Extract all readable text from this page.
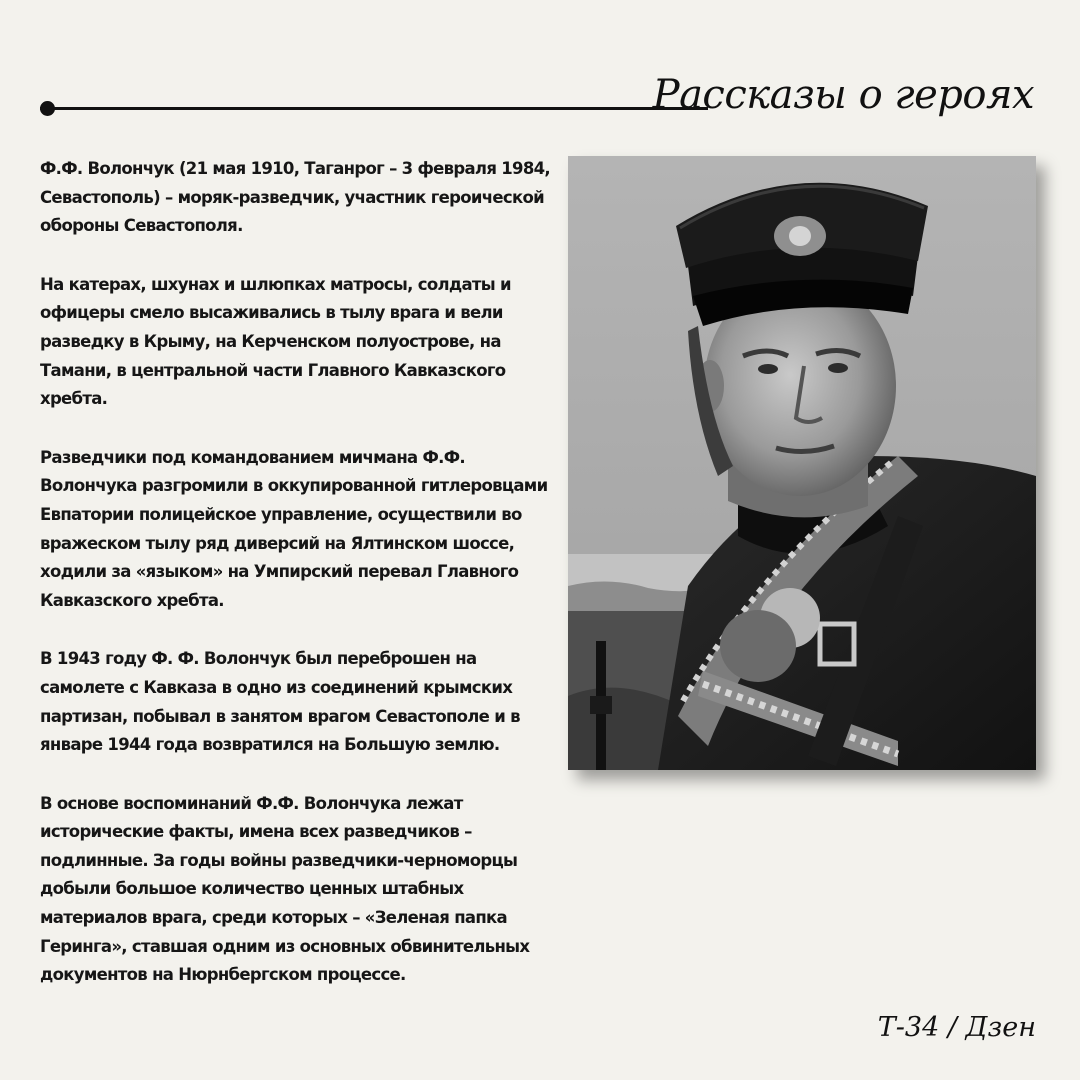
Рассказы о героях

Ф.Ф. Волончук (21 мая 1910, Таганрог – 3 февраля 1984, Севастополь) – моряк-разведчик, участник героической обороны Севастополя.

На катерах, шхунах и шлюпках матросы, солдаты и офицеры смело высаживались в тылу врага и вели разведку в Крыму, на Керченском полуострове, на Тамани, в центральной части Главного Кавказского хребта.

Разведчики под командованием мичмана Ф.Ф. Волончука разгромили в оккупированной гитлеровцами Евпатории полицейское управление, осуществили во вражеском тылу ряд диверсий на Ялтинском шоссе, ходили за «языком» на Умпирский перевал Главного Кавказского хребта.

В 1943 году Ф. Ф. Волончук был переброшен на самолете с Кавказа в одно из соединений крымских партизан, побывал в занятом врагом Севастополе и в январе 1944 года возвратился на Большую землю.

В основе воспоминаний Ф.Ф. Волончука лежат исторические факты, имена всех разведчиков – подлинные. За годы войны разведчики-черноморцы добыли большое количество ценных штабных материалов врага, среди которых – «Зеленая папка Геринга», ставшая одним из основных обвинительных документов на Нюрнбергском процессе.

Т-34 / Дзен
